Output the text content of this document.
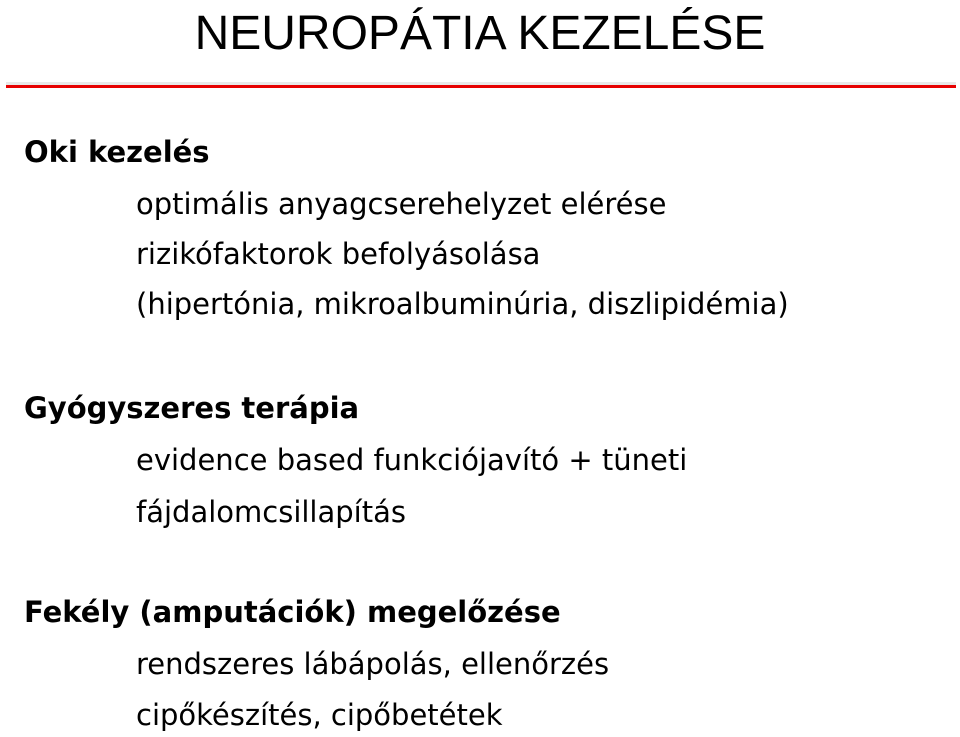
NEUROPÁTIA KEZELÉSE
Oki kezelés
optimális anyagcserehelyzet elérése
rizikófaktorok befolyásolása
(hipertónia, mikroalbuminúria, diszlipidémia)
Gyógyszeres terápia
evidence based funkciójavító + tüneti
fájdalomcsillapítás
Fekély (amputációk) megelőzése
rendszeres lábápolás, ellenőrzés
cipőkészítés, cipőbetétek
